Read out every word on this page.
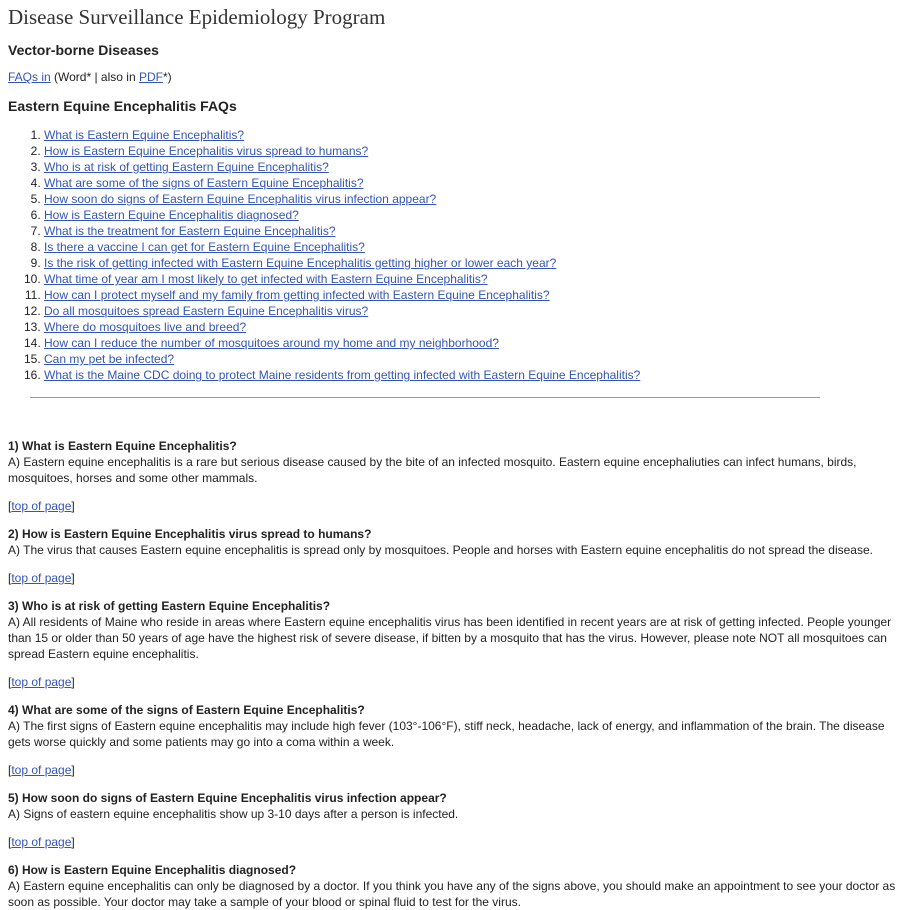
Disease Surveillance Epidemiology Program
Vector-borne Diseases
FAQs in (Word* | also in PDF*)
Eastern Equine Encephalitis FAQs
1. What is Eastern Equine Encephalitis?
2. How is Eastern Equine Encephalitis virus spread to humans?
3. Who is at risk of getting Eastern Equine Encephalitis?
4. What are some of the signs of Eastern Equine Encephalitis?
5. How soon do signs of Eastern Equine Encephalitis virus infection appear?
6. How is Eastern Equine Encephalitis diagnosed?
7. What is the treatment for Eastern Equine Encephalitis?
8. Is there a vaccine I can get for Eastern Equine Encephalitis?
9. Is the risk of getting infected with Eastern Equine Encephalitis getting higher or lower each year?
10. What time of year am I most likely to get infected with Eastern Equine Encephalitis?
11. How can I protect myself and my family from getting infected with Eastern Equine Encephalitis?
12. Do all mosquitoes spread Eastern Equine Encephalitis virus?
13. Where do mosquitoes live and breed?
14. How can I reduce the number of mosquitoes around my home and my neighborhood?
15. Can my pet be infected?
16. What is the Maine CDC doing to protect Maine residents from getting infected with Eastern Equine Encephalitis?

1) What is Eastern Equine Encephalitis?

A) Eastern equine encephalitis is a rare but serious disease caused by the bite of an infected mosquito. Eastern equine encephaliuties can infect humans, birds, mosquitoes, horses and some other mammals.

[top of page]

2) How is Eastern Equine Encephalitis virus spread to humans?

A) The virus that causes Eastern equine encephalitis is spread only by mosquitoes. People and horses with Eastern equine encephalitis do not spread the disease.

[top of page]

3) Who is at risk of getting Eastern Equine Encephalitis?

A) All residents of Maine who reside in areas where Eastern equine encephalitis virus has been identified in recent years are at risk of getting infected. People younger than 15 or older than 50 years of age have the highest risk of severe disease, if bitten by a mosquito that has the virus. However, please note NOT all mosquitoes can spread Eastern equine encephalitis.

[top of page]

4) What are some of the signs of Eastern Equine Encephalitis?

A) The first signs of Eastern equine encephalitis may include high fever (103°-106°F), stiff neck, headache, lack of energy, and inflammation of the brain. The disease gets worse quickly and some patients may go into a coma within a week.

[top of page]

5) How soon do signs of Eastern Equine Encephalitis virus infection appear?

A) Signs of eastern equine encephalitis show up 3-10 days after a person is infected.

[top of page]

6) How is Eastern Equine Encephalitis diagnosed?

A) Eastern equine encephalitis can only be diagnosed by a doctor. If you think you have any of the signs above, you should make an appointment to see your doctor as soon as possible. Your doctor may take a sample of your blood or spinal fluid to test for the virus.
